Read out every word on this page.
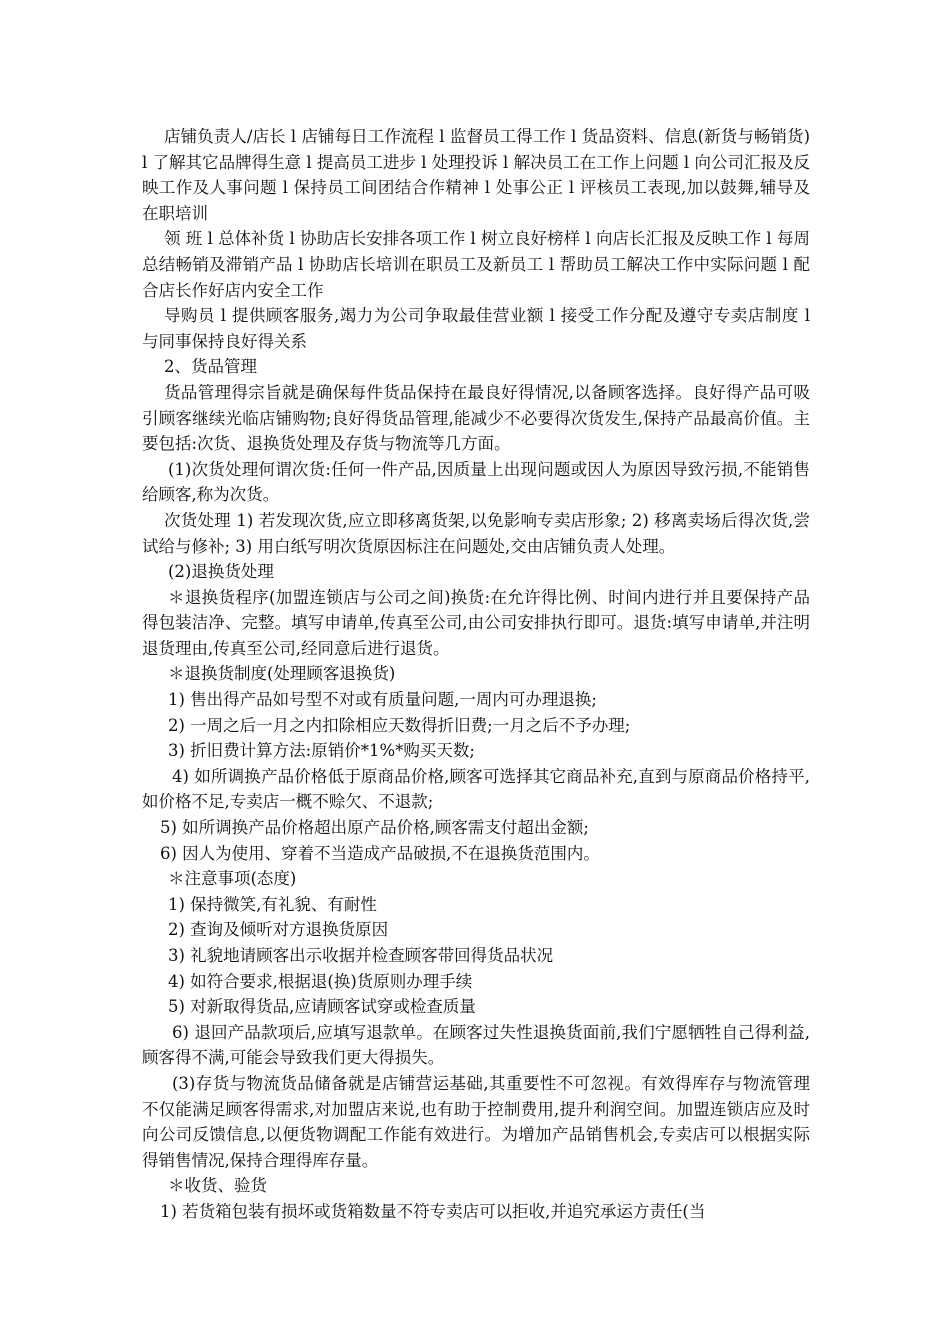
店铺负责人/店长 l 店铺每日工作流程 l 监督员工得工作 l 货品资料、信息(新货与畅销货)l 了解其它品牌得生意 l 提高员工进步 l 处理投诉 l 解决员工在工作上问题 l 向公司汇报及反映工作及人事问题 l 保持员工间团结合作精神 l 处事公正 l 评核员工表现,加以鼓舞,辅导及在职培训

领 班 l 总体补货 l 协助店长安排各项工作 l 树立良好榜样 l 向店长汇报及反映工作 l 每周总结畅销及滞销产品 l 协助店长培训在职员工及新员工 l 帮助员工解决工作中实际问题 l 配合店长作好店内安全工作

导购员 l 提供顾客服务,竭力为公司争取最佳营业额 l 接受工作分配及遵守专卖店制度 l 与同事保持良好得关系

2、货品管理

货品管理得宗旨就是确保每件货品保持在最良好得情况,以备顾客选择。良好得产品可吸引顾客继续光临店铺购物;良好得货品管理,能减少不必要得次货发生,保持产品最高价值。主要包括:次货、退换货处理及存货与物流等几方面。

(1)次货处理何谓次货:任何一件产品,因质量上出现问题或因人为原因导致污损,不能销售给顾客,称为次货。

次货处理 1) 若发现次货,应立即移离货架,以免影响专卖店形象; 2) 移离卖场后得次货,尝试给与修补; 3) 用白纸写明次货原因标注在问题处,交由店铺负责人处理。

(2)退换货处理

＊退换货程序(加盟连锁店与公司之间)换货:在允许得比例、时间内进行并且要保持产品得包装洁净、完整。填写申请单,传真至公司,由公司安排执行即可。退货:填写申请单,并注明退货理由,传真至公司,经同意后进行退货。

＊退换货制度(处理顾客退换货)

1) 售出得产品如号型不对或有质量问题,一周内可办理退换;

2) 一周之后一月之内扣除相应天数得折旧费;一月之后不予办理;

3) 折旧费计算方法:原销价*1%*购买天数;

4) 如所调换产品价格低于原商品价格,顾客可选择其它商品补充,直到与原商品价格持平,如价格不足,专卖店一概不赊欠、不退款;

5) 如所调换产品价格超出原产品价格,顾客需支付超出金额;

6) 因人为使用、穿着不当造成产品破损,不在退换货范围内。

＊注意事项(态度)

1) 保持微笑,有礼貌、有耐性

2) 查询及倾听对方退换货原因

3) 礼貌地请顾客出示收据并检查顾客带回得货品状况

4) 如符合要求,根据退(换)货原则办理手续

5) 对新取得货品,应请顾客试穿或检查质量

6) 退回产品款项后,应填写退款单。在顾客过失性退换货面前,我们宁愿牺牲自己得利益,顾客得不满,可能会导致我们更大得损失。

(3)存货与物流货品储备就是店铺营运基础,其重要性不可忽视。有效得库存与物流管理不仅能满足顾客得需求,对加盟店来说,也有助于控制费用,提升利润空间。加盟连锁店应及时向公司反馈信息,以便货物调配工作能有效进行。为增加产品销售机会,专卖店可以根据实际得销售情况,保持合理得库存量。

＊收货、验货

1) 若货箱包装有损坏或货箱数量不符专卖店可以拒收,并追究承运方责任(当
